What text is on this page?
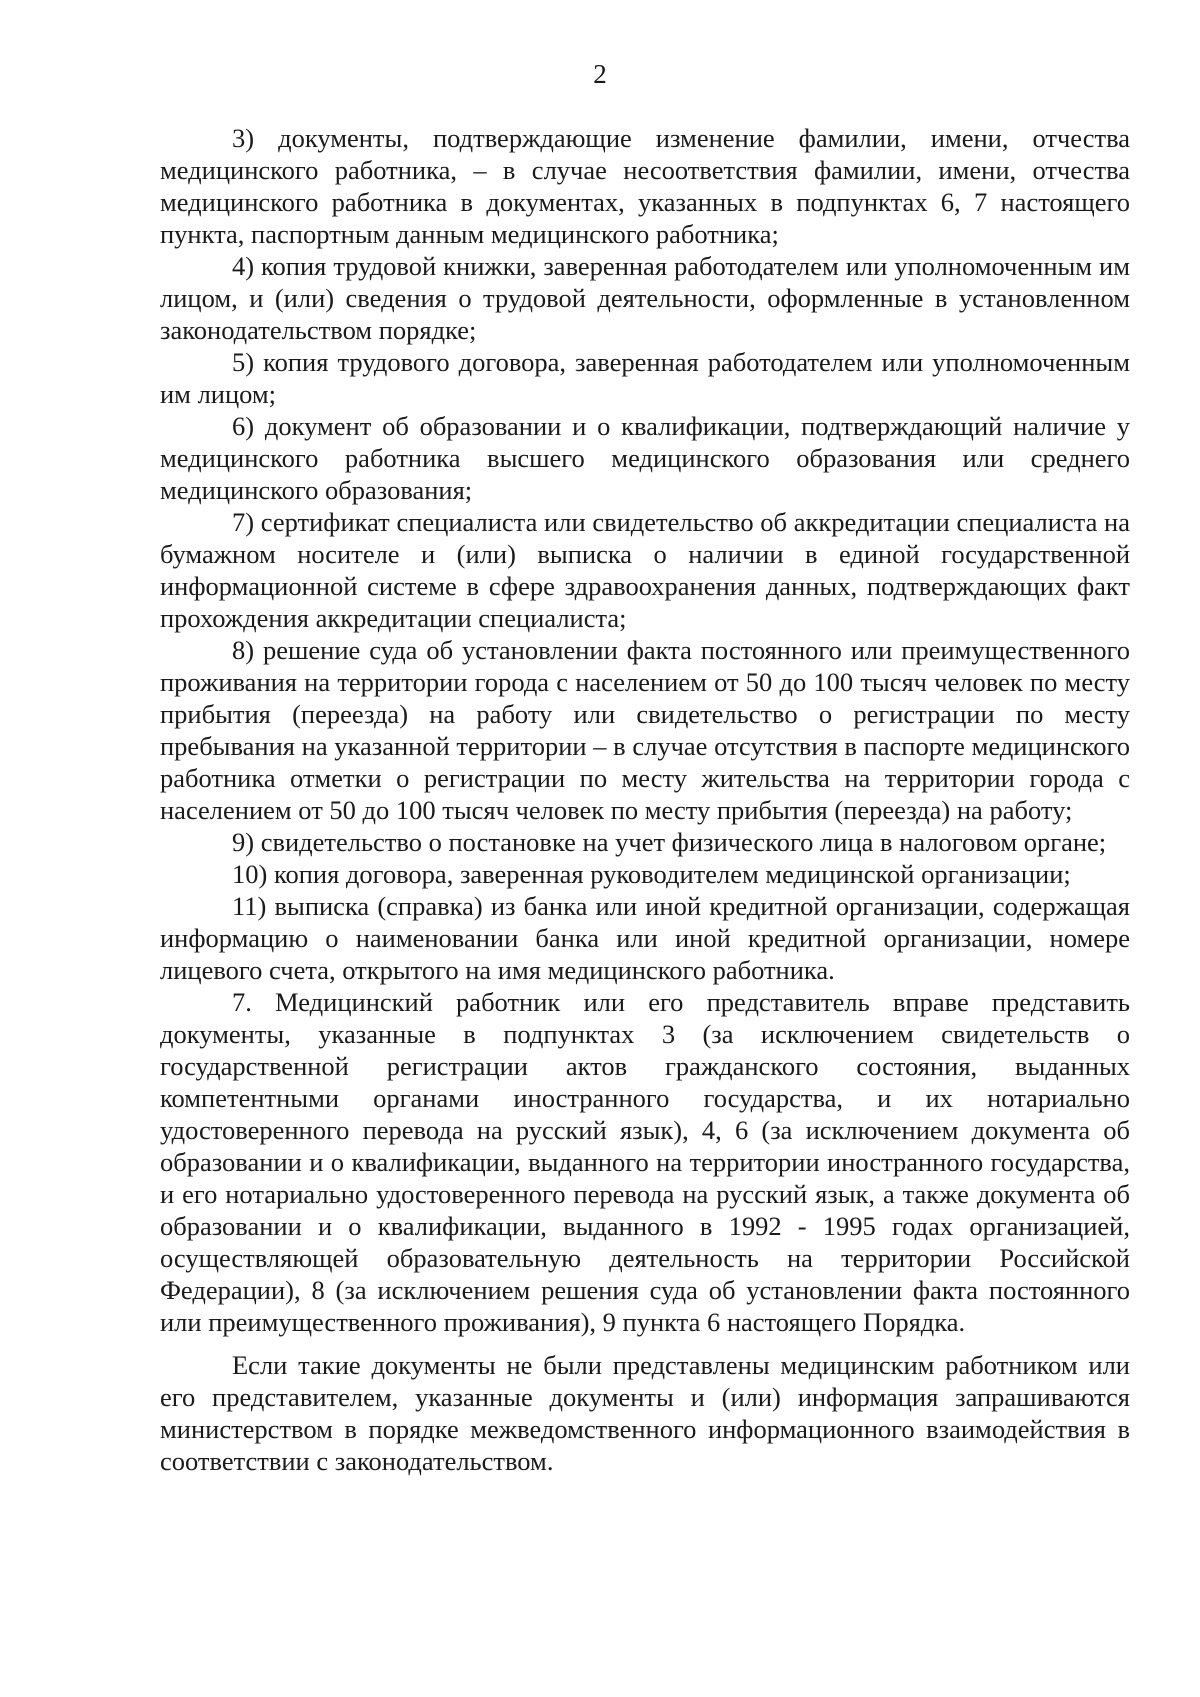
2

3) документы, подтверждающие изменение фамилии, имени, отчества медицинского работника, – в случае несоответствия фамилии, имени, отчества медицинского работника в документах, указанных в подпунктах 6, 7 настоящего пункта, паспортным данным медицинского работника;

4) копия трудовой книжки, заверенная работодателем или уполномоченным им лицом, и (или) сведения о трудовой деятельности, оформленные в установленном законодательством порядке;

5) копия трудового договора, заверенная работодателем или уполномоченным им лицом;

6) документ об образовании и о квалификации, подтверждающий наличие у медицинского работника высшего медицинского образования или среднего медицинского образования;

7) сертификат специалиста или свидетельство об аккредитации специалиста на бумажном носителе и (или) выписка о наличии в единой государственной информационной системе в сфере здравоохранения данных, подтверждающих факт прохождения аккредитации специалиста;

8) решение суда об установлении факта постоянного или преимущественного проживания на территории города с населением от 50 до 100 тысяч человек по месту прибытия (переезда) на работу или свидетельство о регистрации по месту пребывания на указанной территории – в случае отсутствия в паспорте медицинского работника отметки о регистрации по месту жительства на территории города с населением от 50 до 100 тысяч человек по месту прибытия (переезда) на работу;

9) свидетельство о постановке на учет физического лица в налоговом органе;

10) копия договора, заверенная руководителем медицинской организации;

11) выписка (справка) из банка или иной кредитной организации, содержащая информацию о наименовании банка или иной кредитной организации, номере лицевого счета, открытого на имя медицинского работника.

7. Медицинский работник или его представитель вправе представить документы, указанные в подпунктах 3 (за исключением свидетельств о государственной регистрации актов гражданского состояния, выданных компетентными органами иностранного государства, и их нотариально удостоверенного перевода на русский язык), 4, 6 (за исключением документа об образовании и о квалификации, выданного на территории иностранного государства, и его нотариально удостоверенного перевода на русский язык, а также документа об образовании и о квалификации, выданного в 1992 - 1995 годах организацией, осуществляющей образовательную деятельность на территории Российской Федерации), 8 (за исключением решения суда об установлении факта постоянного или преимущественного проживания), 9 пункта 6 настоящего Порядка.

Если такие документы не были представлены медицинским работником или его представителем, указанные документы и (или) информация запрашиваются министерством в порядке межведомственного информационного взаимодействия в соответствии с законодательством.
